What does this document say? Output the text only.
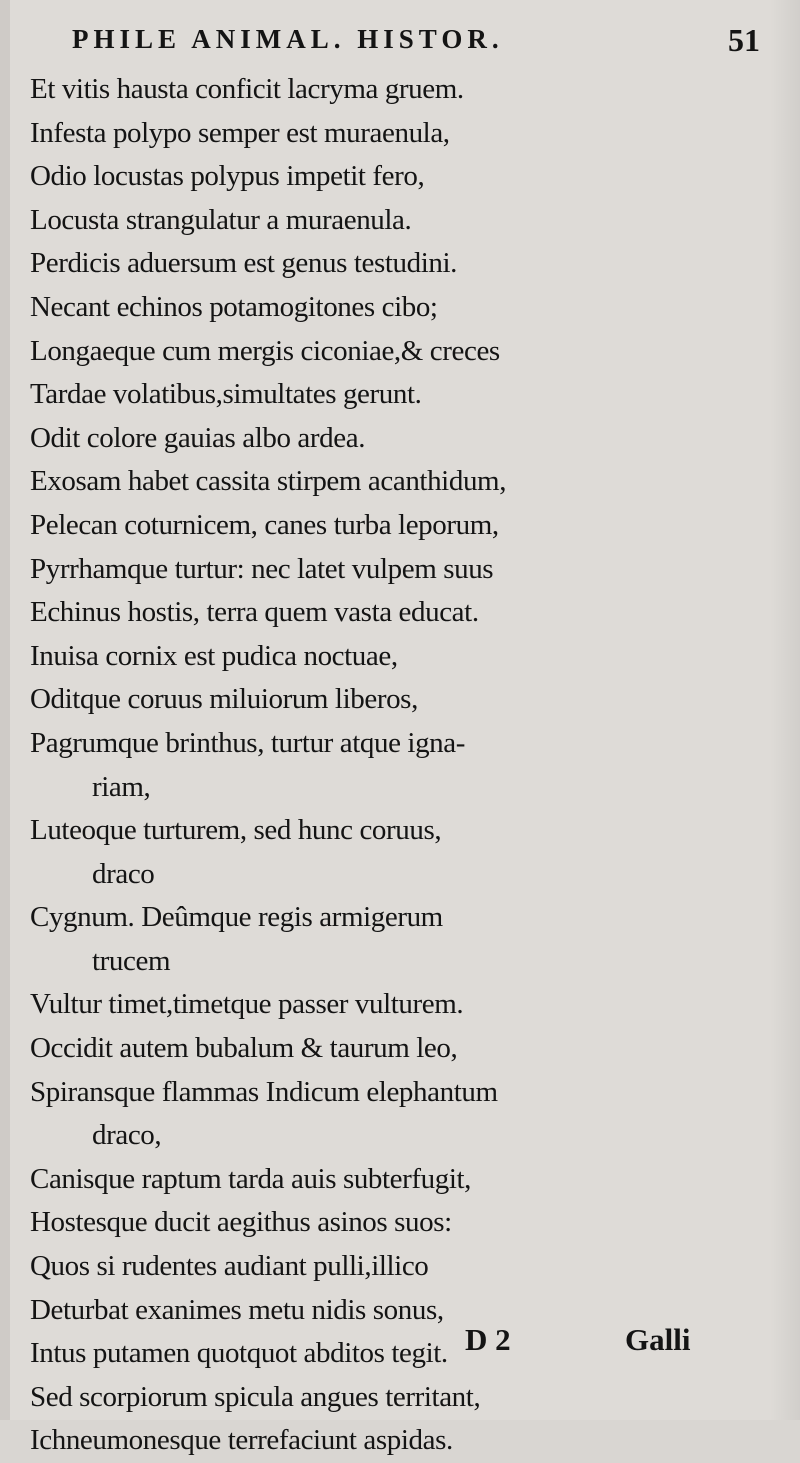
PHILE ANIMAL. HISTOR.	51
Et vitis hausta conficit lacryma gruem.
Infesta polypo semper est muraenula,
Odio locustas polypus impetit fero,
Locusta strangulatur a muraenula.
Perdicis aduersum est genus testudini.
Necant echinos potamogitones cibo;
Longaeque cum mergis ciconiae,& creces
Tardae volatibus,simultates gerunt.
Odit colore gauias albo ardea.
Exosam habet cassita stirpem acanthidum,
Pelecan coturnicem, canes turba leporum,
Pyrrhamque turtur: nec latet vulpem suus
Echinus hostis, terra quem vasta educat.
Inuisa cornix est pudica noctuae,
Oditque coruus miluiorum liberos,
Pagrumque brinthus, turtur atque igna-
riam,
Luteoque turturem, sed hunc coruus,
draco
Cygnum. Deûmque regis armigerum
trucem
Vultur timet,timetque passer vulturem.
Occidit autem bubalum & taurum leo,
Spiransque flammas Indicum elephantum
draco,
Canisque raptum tarda auis subterfugit,
Hostesque ducit aegithus asinos suos:
Quos si rudentes audiant pulli,illico
Deturbat exanimes metu nidis sonus,
Intus putamen quotquot abditos tegit.
Sed scorpiorum spicula angues territant,
Ichneumonesque terrefaciunt aspidas.
D 2	Galli
